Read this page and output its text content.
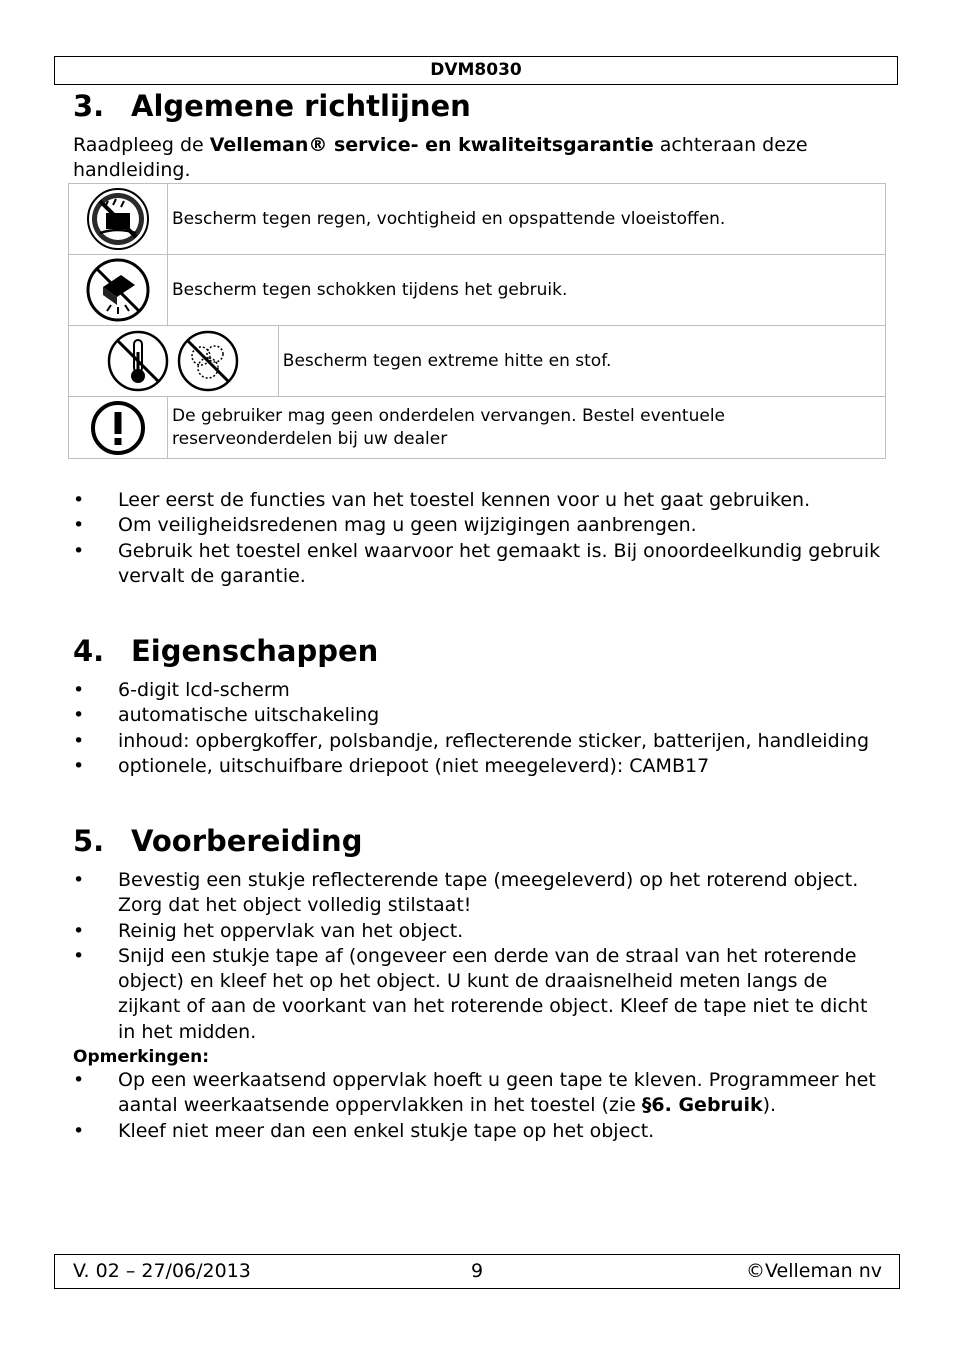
DVM8030
3. Algemene richtlijnen

Raadpleeg de Velleman® service- en kwaliteitsgarantie achteraan deze handleiding.

	Bescherm tegen regen, vochtigheid en opspattende vloeistoffen.	

	Bescherm tegen schokken tijdens het gebruik.	

	Bescherm tegen extreme hitte en stof.

	De gebruiker mag geen onderdelen vervangen. Bestel eventuele reserveonderdelen bij uw dealer	
• Leer eerst de functies van het toestel kennen voor u het gaat gebruiken.
• Om veiligheidsredenen mag u geen wijzigingen aanbrengen.
• Gebruik het toestel enkel waarvoor het gemaakt is. Bij onoordeelkundig gebruik vervalt de garantie.
4. Eigenschappen
• 6-digit lcd-scherm
• automatische uitschakeling
• inhoud: opbergkoffer, polsbandje, reflecterende sticker, batterijen, handleiding
• optionele, uitschuifbare driepoot (niet meegeleverd): CAMB17
5. Voorbereiding
• Bevestig een stukje reflecterende tape (meegeleverd) op het roterend object. Zorg dat het object volledig stilstaat!
• Reinig het oppervlak van het object.
• Snijd een stukje tape af (ongeveer een derde van de straal van het roterende object) en kleef het op het object. U kunt de draaisnelheid meten langs de zijkant of aan de voorkant van het roterende object. Kleef de tape niet te dicht in het midden.
Opmerkingen:
• Op een weerkaatsend oppervlak hoeft u geen tape te kleven. Programmeer het aantal weerkaatsende oppervlakken in het toestel (zie §6. Gebruik).
• Kleef niet meer dan een enkel stukje tape op het object.
V. 02 – 27/06/2013	9	©Velleman nv
